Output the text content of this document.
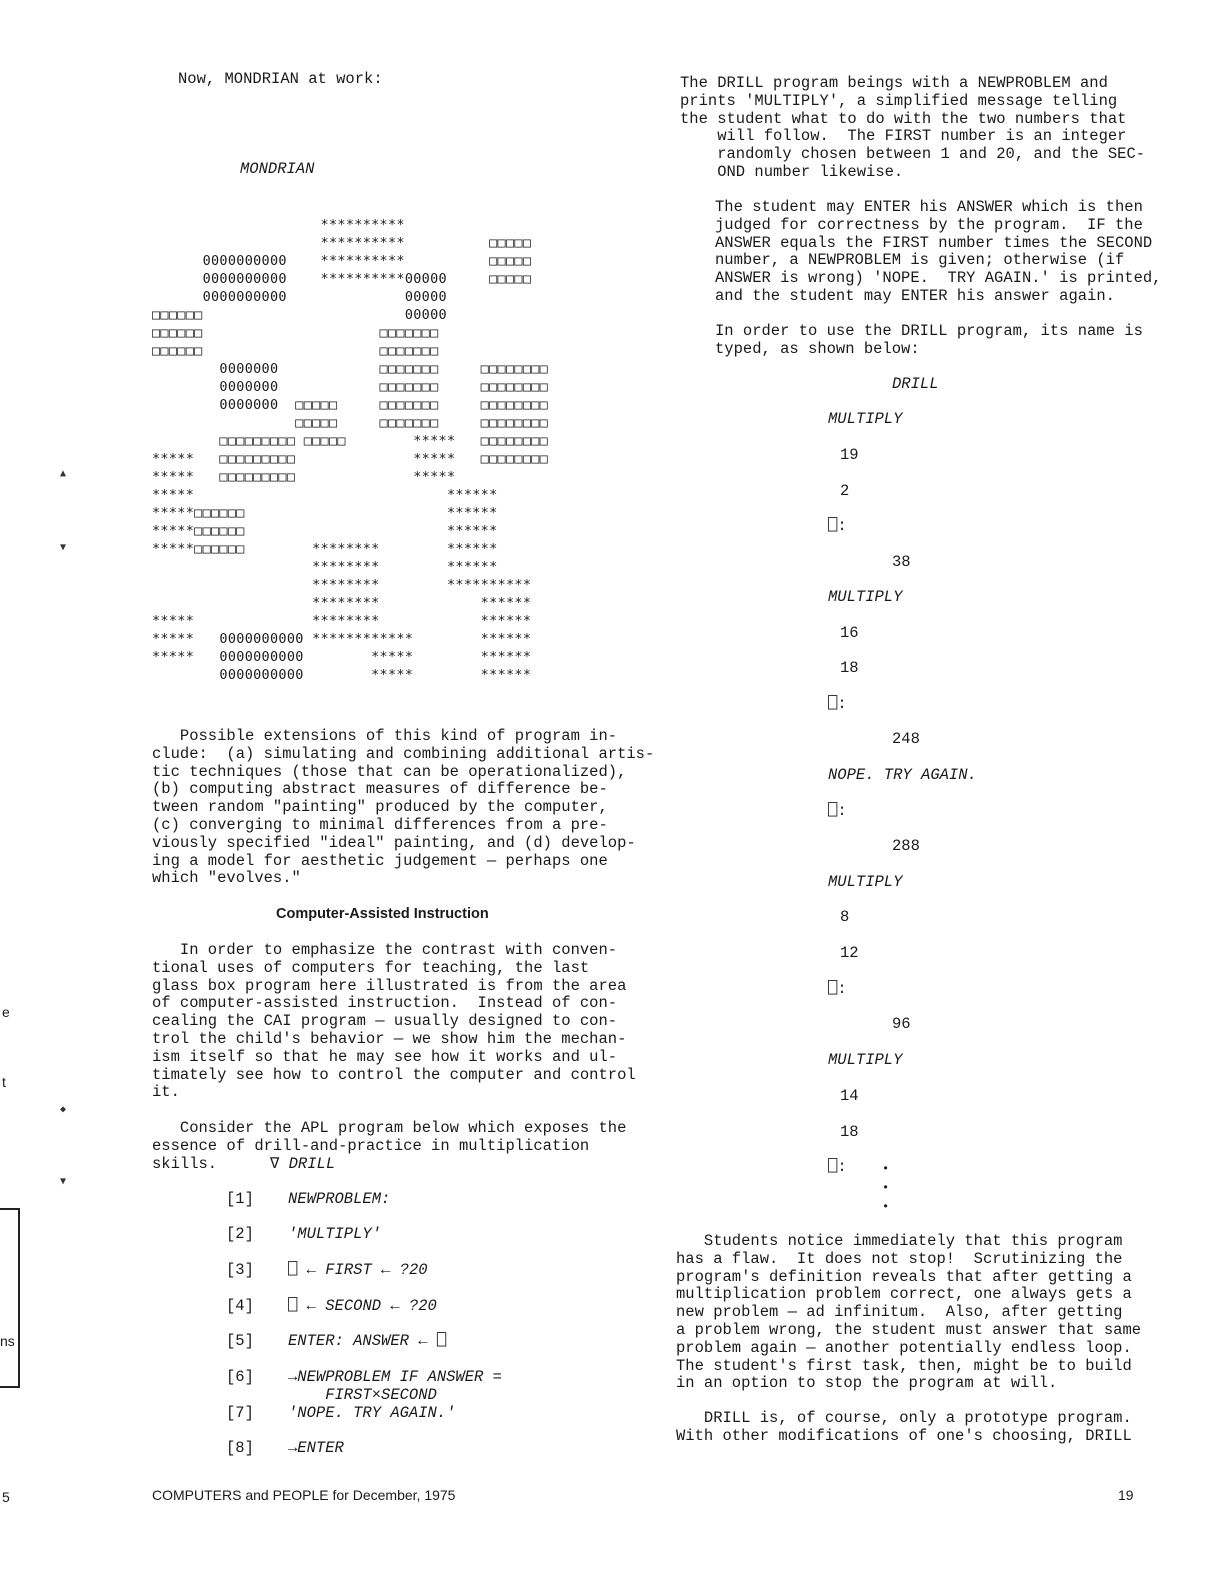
Now, MONDRIAN at work:
MONDRIAN
**********
**********          □□□□□
0000000000    **********          □□□□□
0000000000    **********00000     □□□□□
0000000000              00000
□□□□□□                        00000
□□□□□□                     □□□□□□□
□□□□□□                     □□□□□□□
0000000            □□□□□□□     □□□□□□□□
0000000            □□□□□□□     □□□□□□□□
0000000  □□□□□     □□□□□□□     □□□□□□□□
□□□□□     □□□□□□□     □□□□□□□□
□□□□□□□□□ □□□□□        *****   □□□□□□□□
*****   □□□□□□□□□              *****   □□□□□□□□
*****   □□□□□□□□□              *****
*****                              ******
*****□□□□□□                        ******
*****□□□□□□                        ******
*****□□□□□□        ********        ******
********        ******
********        **********
********            ******
*****              ********            ******
*****   0000000000 ************        ******
*****   0000000000        *****        ******
0000000000        *****        ******
Possible extensions of this kind of program in-
clude:  (a) simulating and combining additional artis-
tic techniques (those that can be operationalized),
(b) computing abstract measures of difference be-
tween random "painting" produced by the computer,
(c) converging to minimal differences from a pre-
viously specified "ideal" painting, and (d) develop-
ing a model for aesthetic judgement — perhaps one
which "evolves."
Computer-Assisted Instruction
In order to emphasize the contrast with conven-
tional uses of computers for teaching, the last
glass box program here illustrated is from the area
of computer-assisted instruction.  Instead of con-
cealing the CAI program — usually designed to con-
trol the child's behavior — we show him the mechan-
ism itself so that he may see how it works and ul-
timately see how to control the computer and control
it.
Consider the APL program below which exposes the
essence of drill-and-practice in multiplication
skills.	∇ DRILL
[1] NEWPROBLEM:
[2] 'MULTIPLY'
[3] ⎕ ← FIRST ← ?20
[4] ⎕ ← SECOND ← ?20
[5] ENTER: ANSWER ← ⎕
[6] →NEWPROBLEM IF ANSWER =
FIRST×SECOND
[7] 'NOPE. TRY AGAIN.'
[8] →ENTER
The DRILL program beings with a NEWPROBLEM and
prints 'MULTIPLY', a simplified message telling
the student what to do with the two numbers that
will follow.  The FIRST number is an integer
randomly chosen between 1 and 20, and the SEC-
OND number likewise.
The student may ENTER his ANSWER which is then
judged for correctness by the program.  IF the
ANSWER equals the FIRST number times the SECOND
number, a NEWPROBLEM is given; otherwise (if
ANSWER is wrong) 'NOPE.  TRY AGAIN.' is printed,
and the student may ENTER his answer again.
In order to use the DRILL program, its name is
typed, as shown below:
DRILL
MULTIPLY
19
2
⎕:
38
MULTIPLY
16
18
⎕:
248
NOPE. TRY AGAIN.
⎕:
288
MULTIPLY
8
12
⎕:
96
MULTIPLY
14
18
⎕:	•
•
•
Students notice immediately that this program
has a flaw.  It does not stop!  Scrutinizing the
program's definition reveals that after getting a
multiplication problem correct, one always gets a
new problem — ad infinitum.  Also, after getting
a problem wrong, the student must answer that same
problem again — another potentially endless loop.
The student's first task, then, might be to build
in an option to stop the program at will.
DRILL is, of course, only a prototype program.
With other modifications of one's choosing, DRILL
▲
▼
e
t
◆
▼
ns
5	COMPUTERS and PEOPLE for December, 1975	19
